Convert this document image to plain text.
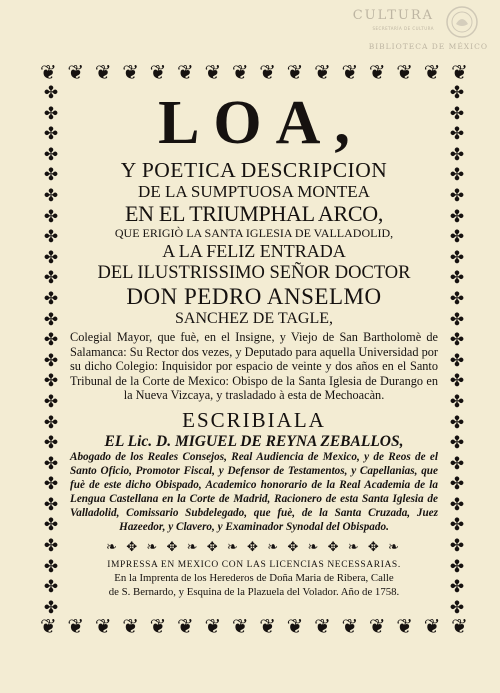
CULTURA
SECRETARÍA DE CULTURA
BIBLIOTECA DE MÉXICO
❦ ❦ ❦ ❦ ❦ ❦ ❦ ❦ ❦ ❦ ❦ ❦ ❦ ❦ ❦ ❦
✤
✤
✤
✤
✤
✤
✤
✤
✤
✤
✤
✤
✤
✤
✤
✤
✤
✤
✤
✤
✤
✤
✤
✤
✤
✤
✤
✤
✤
✤
✤
✤
✤
✤
✤
✤
✤
✤
✤
✤
✤
✤
✤
✤
✤
✤
✤
✤
✤
✤
✤
✤
❦ ❦ ❦ ❦ ❦ ❦ ❦ ❦ ❦ ❦ ❦ ❦ ❦ ❦ ❦ ❦
LOA,
Y POETICA DESCRIPCION
DE LA SUMPTUOSA MONTEA
EN EL TRIUMPHAL ARCO,
QUE ERIGIÒ LA SANTA IGLESIA DE VALLADOLID,
A LA FELIZ ENTRADA
DEL ILUSTRISSIMO SEÑOR DOCTOR
DON PEDRO ANSELMO
SANCHEZ DE TAGLE,
Colegial Mayor, que fuè, en el Insigne, y Viejo de San Bartholomè de Salamanca: Su Rector dos vezes, y Deputado para aquella Universidad por su dicho Colegio: Inquisidor por espacio de veinte y dos años en el Santo Tribunal de la Corte de Mexico: Obispo de la Santa Iglesia de Durango en la Nueva Vizcaya, y trasladado à esta de Mechoacàn.
ESCRIBIALA
EL Lic. D. MIGUEL DE REYNA ZEBALLOS,
Abogado de los Reales Consejos, Real Audiencia de Mexico, y de Reos de el Santo Oficio, Promotor Fiscal, y Defensor de Testamentos, y Capellanias, que fuè de este dicho Obispado, Academico honorario de la Real Academia de la Lengua Castellana en la Corte de Madrid, Racionero de esta Santa Iglesia de Valladolid, Comissario Subdelegado, que fuè, de la Santa Cruzada, Juez Hazeedor, y Clavero, y Examinador Synodal del Obispado.
❧ ✥ ❧ ✥ ❧ ✥ ❧ ✥ ❧ ✥ ❧ ✥ ❧ ✥ ❧
IMPRESSA EN MEXICO CON LAS LICENCIAS NECESSARIAS.
En la Imprenta de los Herederos de Doña Maria de Ribera, Calle
de S. Bernardo, y Esquina de la Plazuela del Volador. Año de 1758.
